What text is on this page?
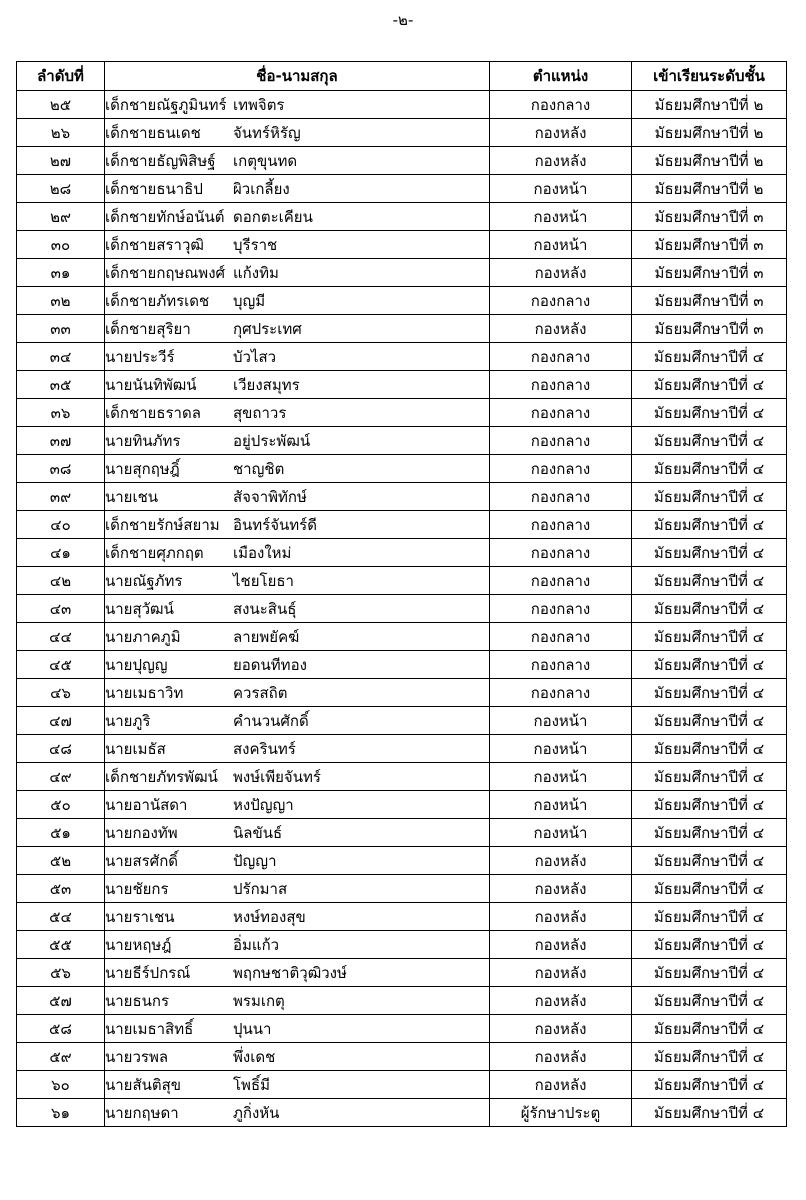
-๒-
ลำดับที่	ชื่อ-นามสกุล	ตำแหน่ง	เข้าเรียนระดับชั้น
๒๕	เด็กชายณัฐภูมินทร์ เทพจิตร	กองกลาง	มัธยมศึกษาปีที่ ๒
๒๖	เด็กชายธนเดช จันทร์หิรัญ	กองหลัง	มัธยมศึกษาปีที่ ๒
๒๗	เด็กชายธัญพิสิษฐ์ เกตุขุนทด	กองหลัง	มัธยมศึกษาปีที่ ๒
๒๘	เด็กชายธนาธิป ผิวเกลี้ยง	กองหน้า	มัธยมศึกษาปีที่ ๒
๒๙	เด็กชายทักษ์อนันต์ ดอกตะเคียน	กองหน้า	มัธยมศึกษาปีที่ ๓
๓๐	เด็กชายสราวุฒิ บุรีราช	กองหน้า	มัธยมศึกษาปีที่ ๓
๓๑	เด็กชายกฤษณพงศ์ แก้งทิม	กองหลัง	มัธยมศึกษาปีที่ ๓
๓๒	เด็กชายภัทรเดช บุญมี	กองกลาง	มัธยมศึกษาปีที่ ๓
๓๓	เด็กชายสุริยา กุศประเทศ	กองหลัง	มัธยมศึกษาปีที่ ๓
๓๔	นายประวีร์ บัวไสว	กองกลาง	มัธยมศึกษาปีที่ ๔
๓๕	นายนันทิพัฒน์ เวียงสมุทร	กองกลาง	มัธยมศึกษาปีที่ ๔
๓๖	เด็กชายธราดล สุขถาวร	กองกลาง	มัธยมศึกษาปีที่ ๔
๓๗	นายทินภัทร อยู่ประพัฒน์	กองกลาง	มัธยมศึกษาปีที่ ๔
๓๘	นายสุกฤษฎิ์ ชาญชิต	กองกลาง	มัธยมศึกษาปีที่ ๔
๓๙	นายเชน สัจจาพิทักษ์	กองกลาง	มัธยมศึกษาปีที่ ๔
๔๐	เด็กชายรักษ์สยาม อินทร์จันทร์ดี	กองกลาง	มัธยมศึกษาปีที่ ๔
๔๑	เด็กชายศุภกฤต เมืองใหม่	กองกลาง	มัธยมศึกษาปีที่ ๔
๔๒	นายณัฐภัทร ไชยโยธา	กองกลาง	มัธยมศึกษาปีที่ ๔
๔๓	นายสุวัฒน์ สงนะสินธุ์	กองกลาง	มัธยมศึกษาปีที่ ๔
๔๔	นายภาคภูมิ ลายพยัคฆ์	กองกลาง	มัธยมศึกษาปีที่ ๔
๔๕	นายปุญญ ยอดนทีทอง	กองกลาง	มัธยมศึกษาปีที่ ๔
๔๖	นายเมธาวิท ควรสถิต	กองกลาง	มัธยมศึกษาปีที่ ๔
๔๗	นายภูริ คำนวนศักดิ์	กองหน้า	มัธยมศึกษาปีที่ ๔
๔๘	นายเมธัส สงครินทร์	กองหน้า	มัธยมศึกษาปีที่ ๔
๔๙	เด็กชายภัทรพัฒน์ พงษ์เพียจันทร์	กองหน้า	มัธยมศึกษาปีที่ ๔
๕๐	นายอานัสดา หงปัญญา	กองหน้า	มัธยมศึกษาปีที่ ๔
๕๑	นายกองทัพ นิลขันธ์	กองหน้า	มัธยมศึกษาปีที่ ๔
๕๒	นายสรศักดิ์ ปัญญา	กองหลัง	มัธยมศึกษาปีที่ ๔
๕๓	นายชัยกร ปรักมาส	กองหลัง	มัธยมศึกษาปีที่ ๔
๕๔	นายราเชน หงษ์ทองสุข	กองหลัง	มัธยมศึกษาปีที่ ๔
๕๕	นายหฤษฎ์ อิ่มแก้ว	กองหลัง	มัธยมศึกษาปีที่ ๔
๕๖	นายธีร์ปกรณ์ พฤกษชาติวุฒิวงษ์	กองหลัง	มัธยมศึกษาปีที่ ๔
๕๗	นายธนกร พรมเกตุ	กองหลัง	มัธยมศึกษาปีที่ ๔
๕๘	นายเมธาสิทธิ์ ปุนนา	กองหลัง	มัธยมศึกษาปีที่ ๔
๕๙	นายวรพล พึ่งเดช	กองหลัง	มัธยมศึกษาปีที่ ๔
๖๐	นายสันติสุข โพธิ์มี	กองหลัง	มัธยมศึกษาปีที่ ๔
๖๑	นายกฤษดา ภูกิ่งหัน	ผู้รักษาประตู	มัธยมศึกษาปีที่ ๔
